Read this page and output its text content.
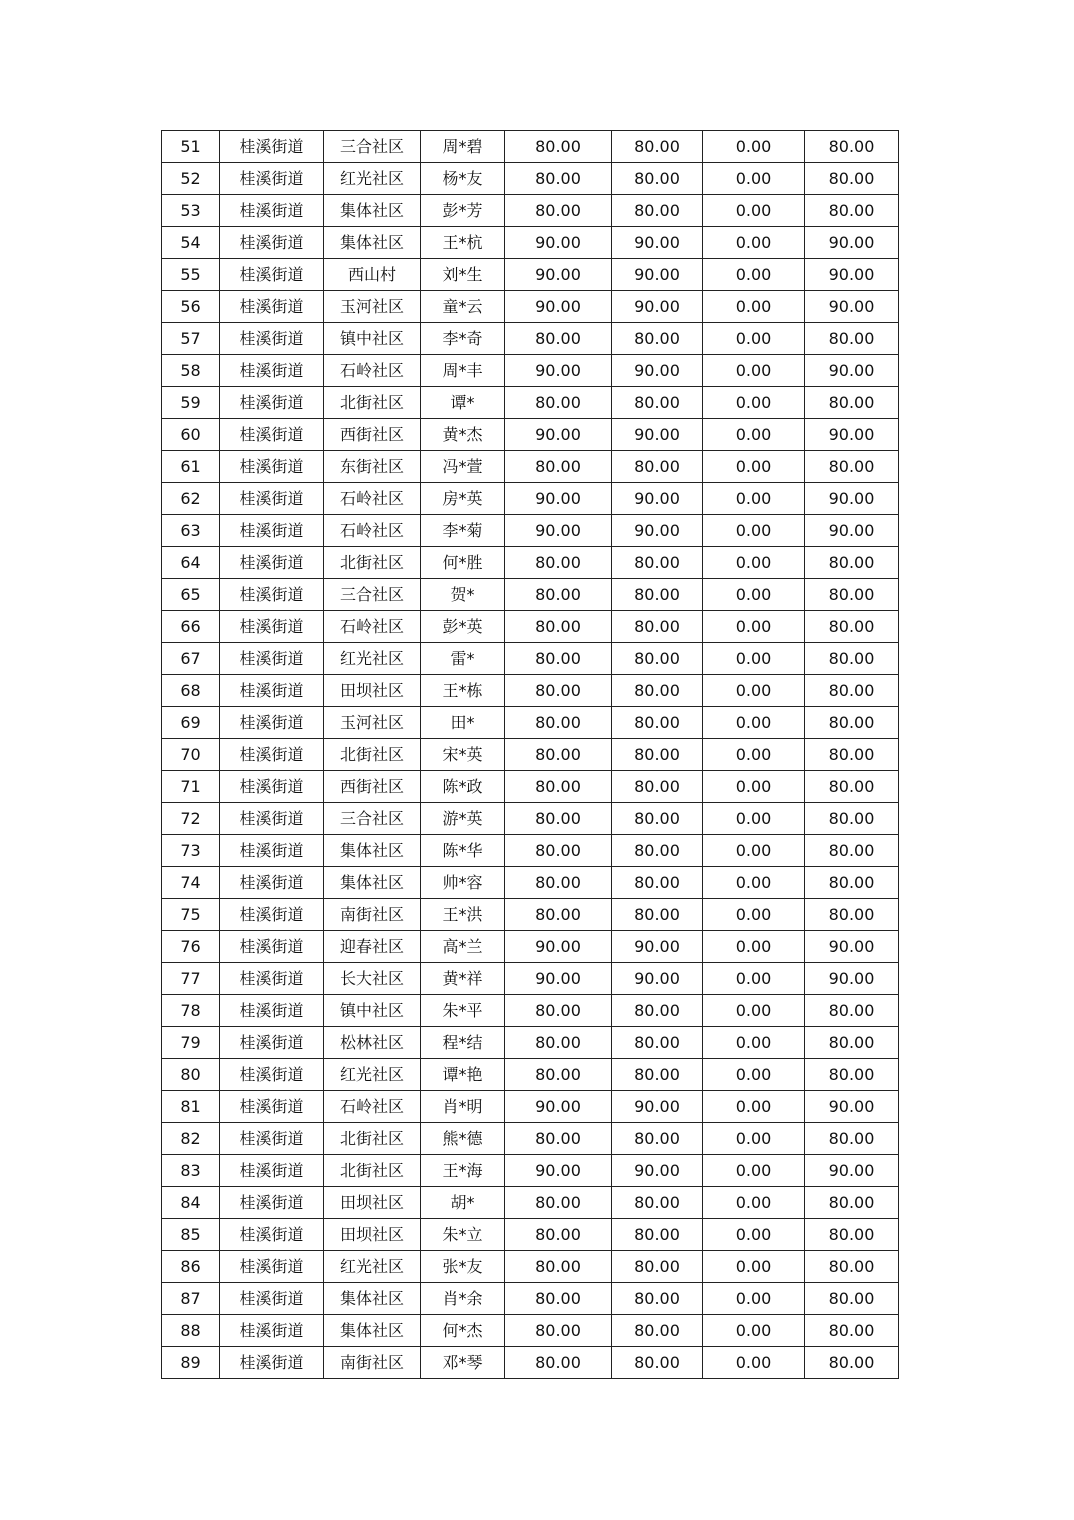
51	桂溪街道	三合社区	周*碧	80.00	80.00	0.00	80.00
52	桂溪街道	红光社区	杨*友	80.00	80.00	0.00	80.00
53	桂溪街道	集体社区	彭*芳	80.00	80.00	0.00	80.00
54	桂溪街道	集体社区	王*杭	90.00	90.00	0.00	90.00
55	桂溪街道	西山村	刘*生	90.00	90.00	0.00	90.00
56	桂溪街道	玉河社区	童*云	90.00	90.00	0.00	90.00
57	桂溪街道	镇中社区	李*奇	80.00	80.00	0.00	80.00
58	桂溪街道	石岭社区	周*丰	90.00	90.00	0.00	90.00
59	桂溪街道	北街社区	谭*	80.00	80.00	0.00	80.00
60	桂溪街道	西街社区	黄*杰	90.00	90.00	0.00	90.00
61	桂溪街道	东街社区	冯*萱	80.00	80.00	0.00	80.00
62	桂溪街道	石岭社区	房*英	90.00	90.00	0.00	90.00
63	桂溪街道	石岭社区	李*菊	90.00	90.00	0.00	90.00
64	桂溪街道	北街社区	何*胜	80.00	80.00	0.00	80.00
65	桂溪街道	三合社区	贺*	80.00	80.00	0.00	80.00
66	桂溪街道	石岭社区	彭*英	80.00	80.00	0.00	80.00
67	桂溪街道	红光社区	雷*	80.00	80.00	0.00	80.00
68	桂溪街道	田坝社区	王*栋	80.00	80.00	0.00	80.00
69	桂溪街道	玉河社区	田*	80.00	80.00	0.00	80.00
70	桂溪街道	北街社区	宋*英	80.00	80.00	0.00	80.00
71	桂溪街道	西街社区	陈*政	80.00	80.00	0.00	80.00
72	桂溪街道	三合社区	游*英	80.00	80.00	0.00	80.00
73	桂溪街道	集体社区	陈*华	80.00	80.00	0.00	80.00
74	桂溪街道	集体社区	帅*容	80.00	80.00	0.00	80.00
75	桂溪街道	南街社区	王*洪	80.00	80.00	0.00	80.00
76	桂溪街道	迎春社区	高*兰	90.00	90.00	0.00	90.00
77	桂溪街道	长大社区	黄*祥	90.00	90.00	0.00	90.00
78	桂溪街道	镇中社区	朱*平	80.00	80.00	0.00	80.00
79	桂溪街道	松林社区	程*结	80.00	80.00	0.00	80.00
80	桂溪街道	红光社区	谭*艳	80.00	80.00	0.00	80.00
81	桂溪街道	石岭社区	肖*明	90.00	90.00	0.00	90.00
82	桂溪街道	北街社区	熊*德	80.00	80.00	0.00	80.00
83	桂溪街道	北街社区	王*海	90.00	90.00	0.00	90.00
84	桂溪街道	田坝社区	胡*	80.00	80.00	0.00	80.00
85	桂溪街道	田坝社区	朱*立	80.00	80.00	0.00	80.00
86	桂溪街道	红光社区	张*友	80.00	80.00	0.00	80.00
87	桂溪街道	集体社区	肖*余	80.00	80.00	0.00	80.00
88	桂溪街道	集体社区	何*杰	80.00	80.00	0.00	80.00
89	桂溪街道	南街社区	邓*琴	80.00	80.00	0.00	80.00
